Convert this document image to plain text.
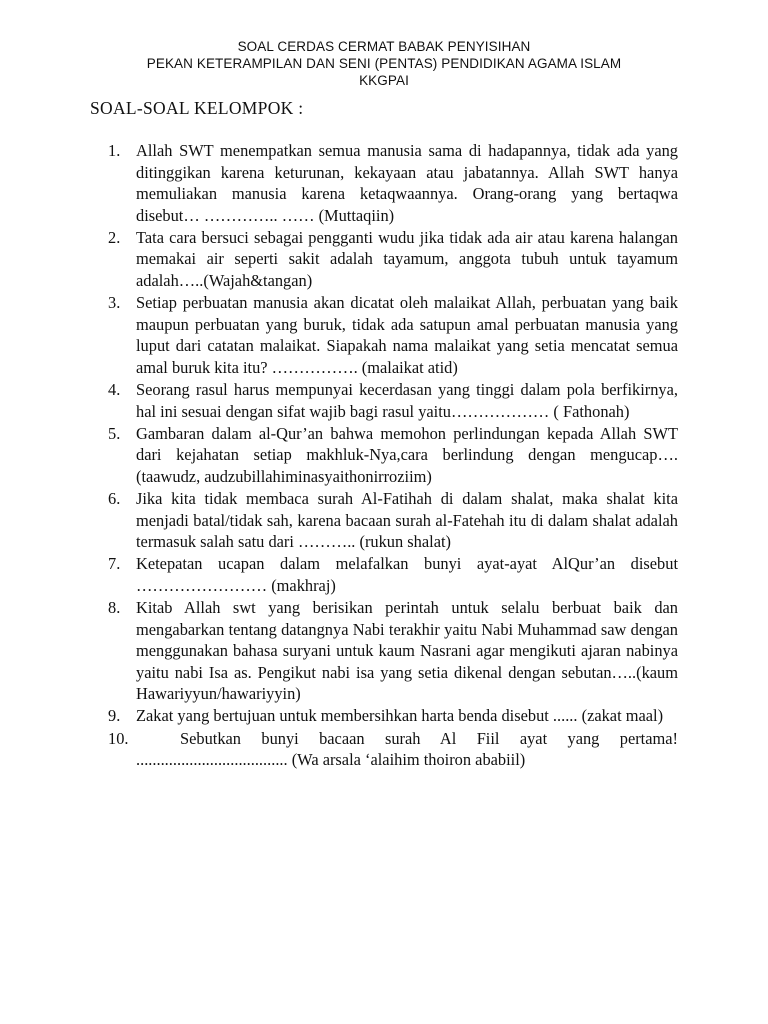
SOAL CERDAS CERMAT BABAK PENYISIHAN
PEKAN KETERAMPILAN DAN SENI (PENTAS) PENDIDIKAN AGAMA ISLAM
KKGPAI
SOAL-SOAL KELOMPOK :
1. Allah SWT menempatkan semua manusia sama di hadapannya, tidak ada yang ditinggikan karena keturunan, kekayaan atau jabatannya. Allah SWT hanya memuliakan manusia karena ketaqwaannya. Orang-orang yang bertaqwa disebut… ………….. …… (Muttaqiin)
2. Tata cara bersuci sebagai pengganti wudu jika tidak ada air atau karena halangan memakai air seperti sakit adalah tayamum, anggota tubuh untuk tayamum adalah…..(Wajah&tangan)
3. Setiap perbuatan manusia akan dicatat oleh malaikat Allah, perbuatan yang baik maupun perbuatan yang buruk, tidak ada satupun amal perbuatan manusia yang luput dari catatan malaikat. Siapakah nama malaikat yang setia mencatat semua amal buruk kita itu? ……………. (malaikat atid)
4. Seorang rasul harus mempunyai kecerdasan yang tinggi dalam pola berfikirnya, hal ini sesuai dengan sifat wajib bagi rasul yaitu……………… ( Fathonah)
5. Gambaran dalam al-Qur’an bahwa memohon perlindungan kepada Allah SWT dari kejahatan setiap makhluk-Nya,cara berlindung dengan mengucap….(taawudz, audzubillahiminasyaithonirroziim)
6. Jika kita tidak membaca surah Al-Fatihah di dalam shalat, maka shalat kita menjadi batal/tidak sah, karena bacaan surah al-Fatehah itu di dalam shalat adalah termasuk salah satu dari ……….. (rukun shalat)
7. Ketepatan ucapan dalam melafalkan bunyi ayat-ayat AlQur’an disebut …………………… (makhraj)
8. Kitab Allah swt yang berisikan perintah untuk selalu berbuat baik dan mengabarkan tentang datangnya Nabi terakhir yaitu Nabi Muhammad saw dengan menggunakan bahasa suryani untuk kaum Nasrani agar mengikuti ajaran nabinya yaitu nabi Isa as. Pengikut nabi isa yang setia dikenal dengan sebutan…..(kaum Hawariyyun/hawariyyin)
9. Zakat yang bertujuan untuk membersihkan harta benda disebut ...... (zakat maal)
10.	Sebutkan bunyi bacaan surah Al Fiil ayat yang pertama! ..................................... (Wa arsala ‘alaihim thoiron ababiil)
